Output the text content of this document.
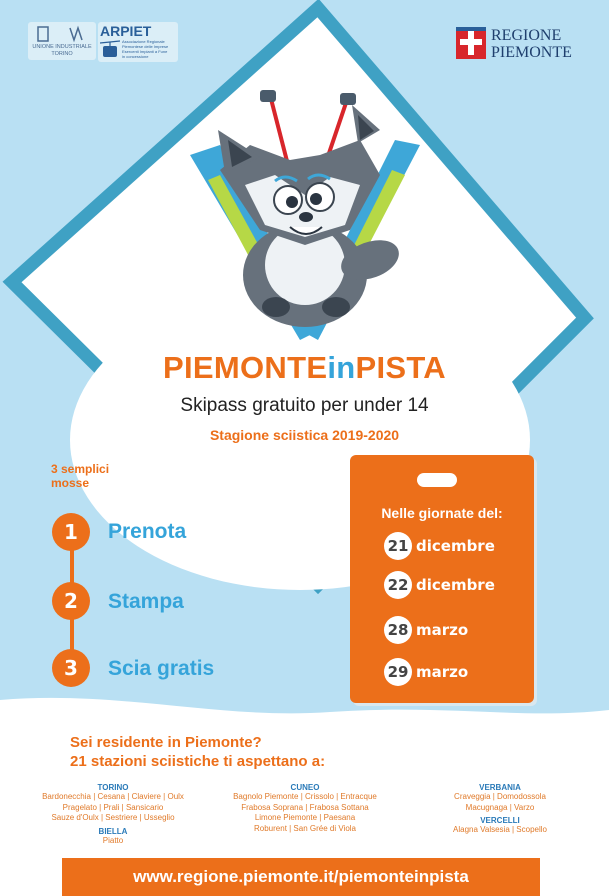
UNIONE INDUSTRIALE
TORINO
ARPIET
Associazione Regionale
Piemontese delle Imprese
Esercenti Impianti a Fune
in concessione
REGIONE
PIEMONTE
PIEMONTEinPISTA
Skipass gratuito per under 14
Stagione sciistica 2019-2020
3 semplici mosse
1	Prenota
2	Stampa
3	Scia gratis
Nelle giornate del:
21 dicembre
22 dicembre
28 marzo
29 marzo
Sei residente in Piemonte?
21 stazioni sciistiche ti aspettano a:
TORINO
Bardonecchia | Cesana | Claviere | Oulx
Pragelato | Prali | Sansicario
Sauze d'Oulx | Sestriere | Usseglio
BIELLA
Piatto
CUNEO
Bagnolo Piemonte | Crissolo | Entracque
Frabosa Soprana | Frabosa Sottana
Limone Piemonte | Paesana
Roburent | San Grée di Viola
VERBANIA
Craveggia | Domodossola
Macugnaga | Varzo
VERCELLI
Alagna Valsesia | Scopello
www.regione.piemonte.it/piemonteinpista
